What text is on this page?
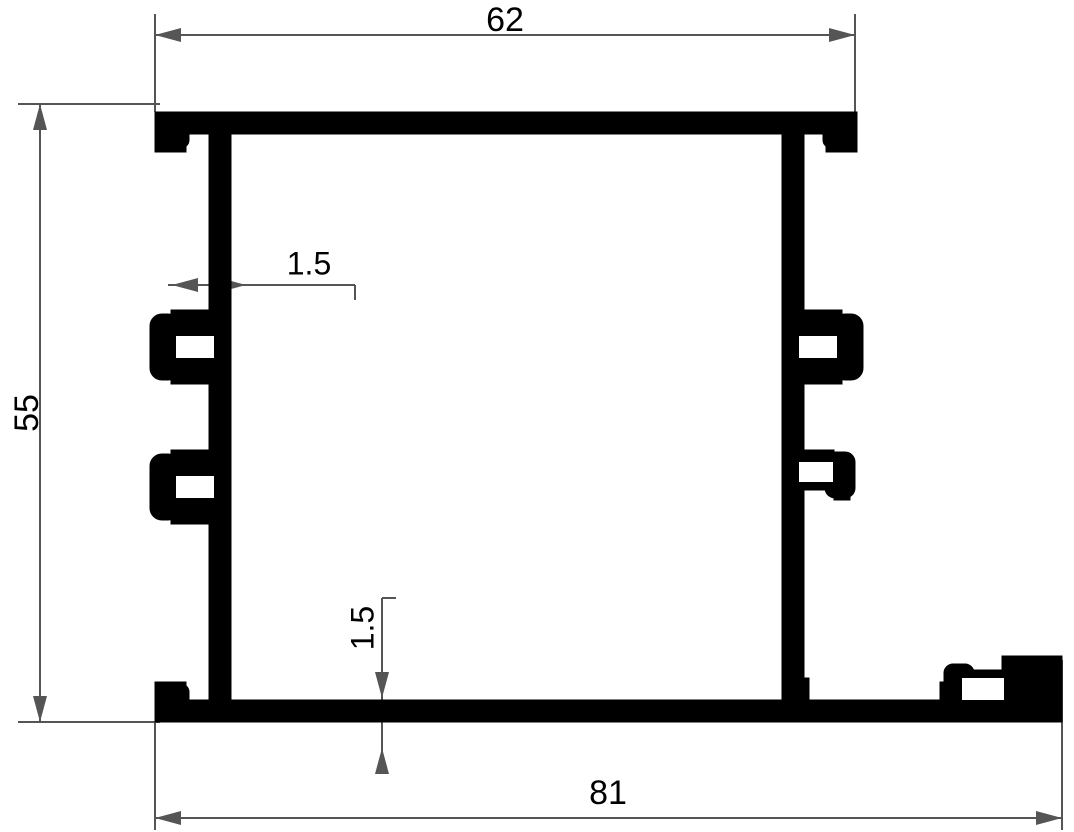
62
55
81
1.5
1.5
